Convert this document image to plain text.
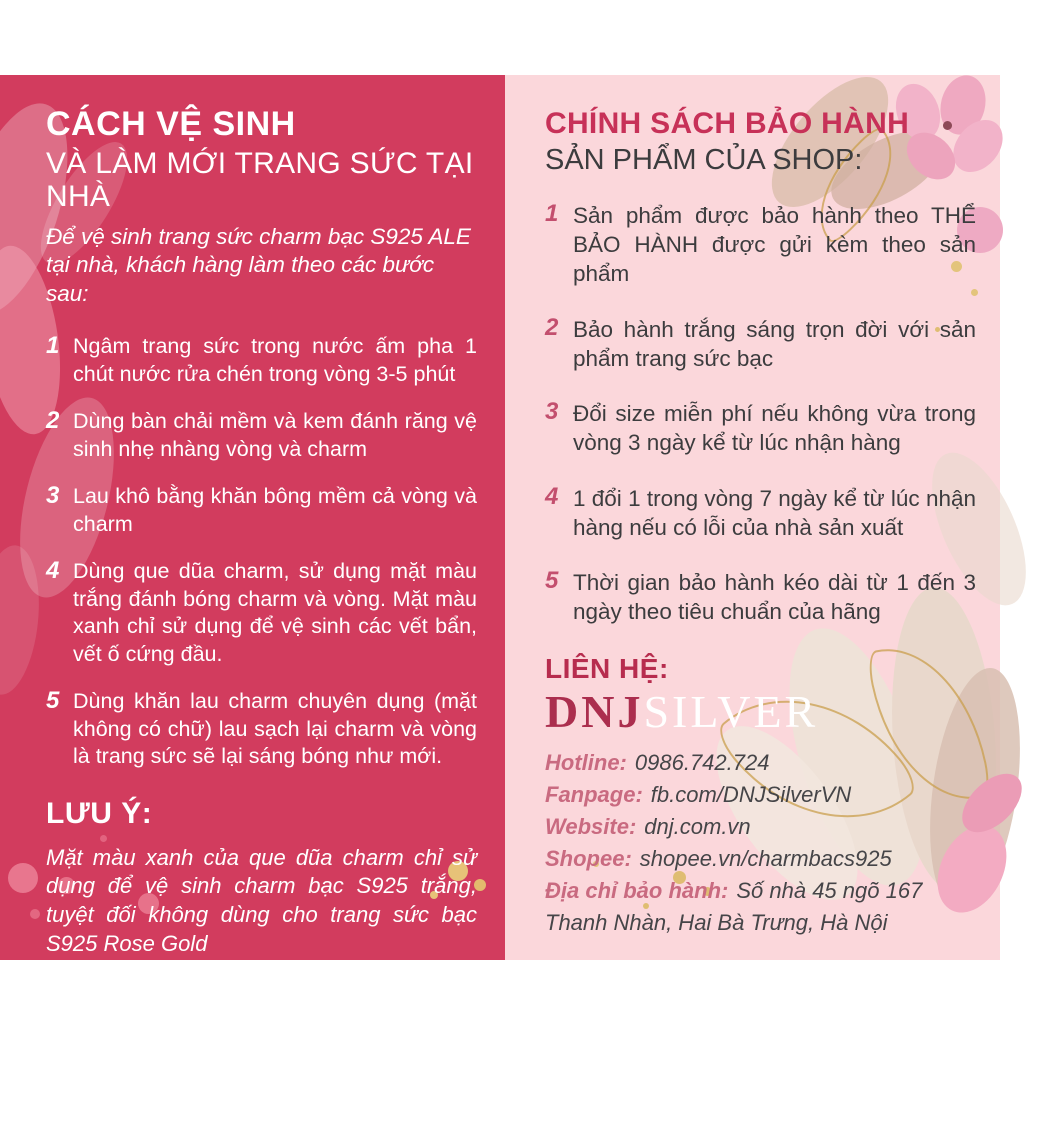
CÁCH VỆ SINH
VÀ LÀM MỚI TRANG SỨC TẠI NHÀ

Để vệ sinh trang sức charm bạc S925 ALE tại nhà, khách hàng làm theo các bước sau:

1 Ngâm trang sức trong nước ấm pha 1 chút nước rửa chén trong vòng 3-5 phút
2 Dùng bàn chải mềm và kem đánh răng vệ sinh nhẹ nhàng vòng và charm
3 Lau khô bằng khăn bông mềm cả vòng và charm
4 Dùng que dũa charm, sử dụng mặt màu trắng đánh bóng charm và vòng. Mặt màu xanh chỉ sử dụng để vệ sinh các vết bẩn, vết ố cứng đầu.
5 Dùng khăn lau charm chuyên dụng (mặt không có chữ) lau sạch lại charm và vòng là trang sức sẽ lại sáng bóng như mới.
LƯU Ý:

Mặt màu xanh của que dũa charm chỉ sử dụng để vệ sinh charm bạc S925 trắng, tuyệt đối không dùng cho trang sức bạc S925 Rose Gold

Nếu làm theo các bước mà vẫn không được, vui lòng gửi lại shop để bảo hành sáng trắng. Tuyệt đối không sử dụng các loại hóa chất vệ sinh trang sức, sẽ làm hỏng charm. Bên shop sẽ không chịu trách nhiệm bảo hành với các trường hợp này.

CHÍNH SÁCH BẢO HÀNH
SẢN PHẨM CỦA SHOP:
1 Sản phẩm được bảo hành theo THỂ BẢO HÀNH được gửi kèm theo sản phẩm
2 Bảo hành trắng sáng trọn đời với sản phẩm trang sức bạc
3 Đổi size miễn phí nếu không vừa trong vòng 3 ngày kể từ lúc nhận hàng
4 1 đổi 1 trong vòng 7 ngày kể từ lúc nhận hàng nếu có lỗi của nhà sản xuất
5 Thời gian bảo hành kéo dài từ 1 đến 3 ngày theo tiêu chuẩn của hãng
LIÊN HỆ:
DNJSILVER

Hotline: 0986.742.724

Fanpage: fb.com/DNJSilverVN

Website: dnj.com.vn

Shopee: shopee.vn/charmbacs925

Địa chỉ bảo hành: Số nhà 45 ngõ 167 Thanh Nhàn, Hai Bà Trưng, Hà Nội
